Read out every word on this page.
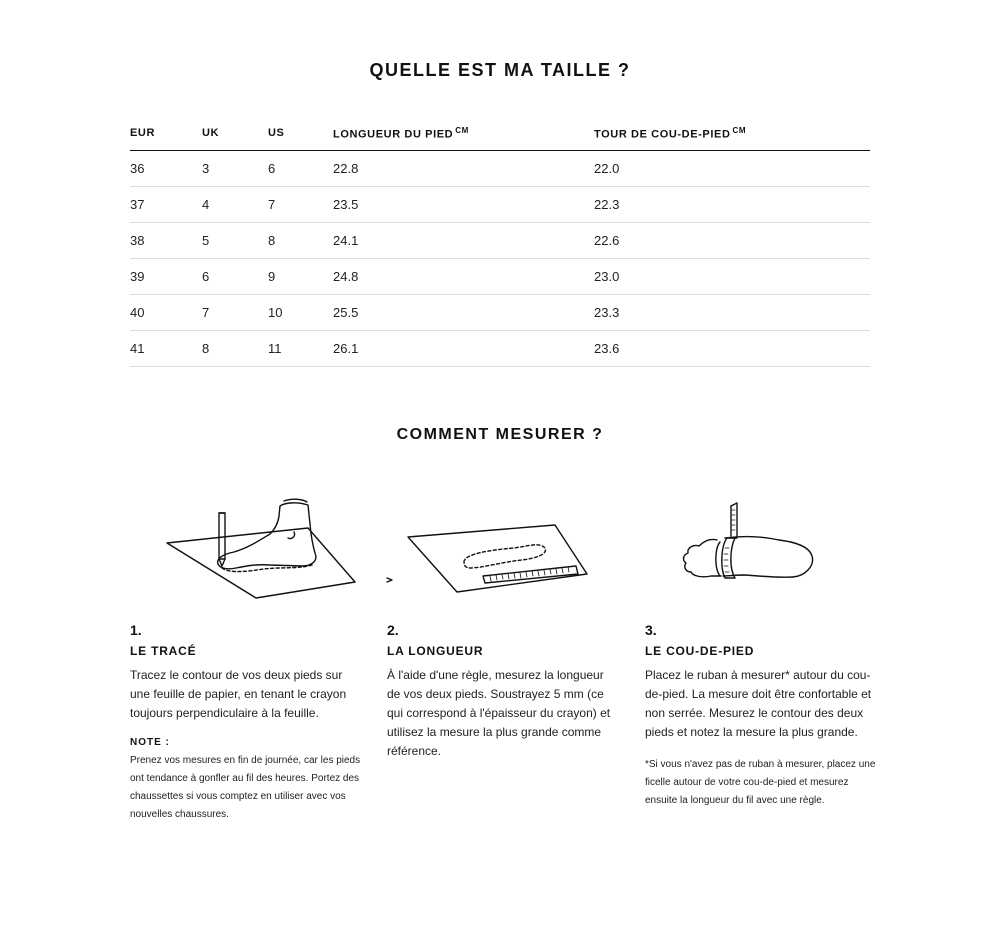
QUELLE EST MA TAILLE ?
EUR	UK	US	LONGUEUR DU PIED $^{CM}$	TOUR DE COU-DE-PIED $^{CM}$
36	3	6	22.8	22.0
37	4	7	23.5	22.3
38	5	8	24.1	22.6
39	6	9	24.8	23.0
40	7	10	25.5	23.3
41	8	11	26.1	23.6
COMMENT MESURER ?

1.

LE TRACÉ

Tracez le contour de vos deux pieds sur une feuille de papier, en tenant le crayon toujours perpendiculaire à la feuille.

NOTE :

Prenez vos mesures en fin de journée, car les pieds ont tendance à gonfler au fil des heures. Portez des chaussettes si vous comptez en utiliser avec vos nouvelles chaussures.

2.

LA LONGUEUR

À l'aide d'une règle, mesurez la longueur de vos deux pieds. Soustrayez 5 mm (ce qui correspond à l'épaisseur du crayon) et utilisez la mesure la plus grande comme référence.

3.

LE COU-DE-PIED

Placez le ruban à mesurer* autour du cou-de-pied. La mesure doit être confortable et non serrée. Mesurez le contour des deux pieds et notez la mesure la plus grande.

*Si vous n'avez pas de ruban à mesurer, placez une ficelle autour de votre cou-de-pied et mesurez ensuite la longueur du fil avec une règle.
